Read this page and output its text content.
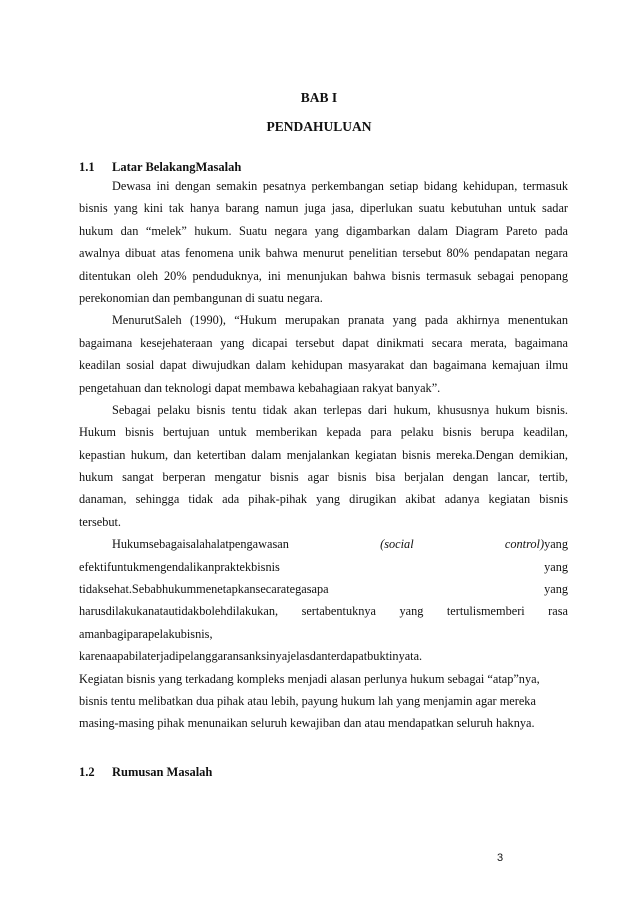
BAB I
PENDAHULUAN
1.1 Latar BelakangMasalah
Dewasa ini dengan semakin pesatnya perkembangan setiap bidang kehidupan, termasuk
bisnis yang kini tak hanya barang namun juga jasa, diperlukan suatu kebutuhan untuk sadar
hukum dan “melek” hukum. Suatu negara yang digambarkan dalam Diagram Pareto pada
awalnya dibuat atas fenomena unik bahwa menurut penelitian tersebut 80% pendapatan negara
ditentukan oleh 20% penduduknya, ini menunjukan bahwa bisnis termasuk sebagai penopang
perekonomian dan pembangunan di suatu negara.
MenurutSaleh (1990), “Hukum merupakan pranata yang pada akhirnya menentukan
bagaimana kesejehateraan yang dicapai tersebut dapat dinikmati secara merata, bagaimana
keadilan sosial dapat diwujudkan dalam kehidupan masyarakat dan bagaimana kemajuan ilmu
pengetahuan dan teknologi dapat membawa kebahagiaan rakyat banyak”.
Sebagai pelaku bisnis tentu tidak akan terlepas dari hukum, khususnya hukum bisnis.
Hukum bisnis bertujuan untuk memberikan kepada para pelaku bisnis berupa keadilan,
kepastian hukum, dan ketertiban dalam menjalankan kegiatan bisnis mereka.Dengan demikian,
hukum sangat berperan mengatur bisnis agar bisnis bisa berjalan dengan lancar, tertib,
danaman, sehingga tidak ada pihak-pihak yang dirugikan akibat adanya kegiatan bisnis
tersebut.
Hukumsebagaisalahalatpengawasan	(social	control)yang
efektifuntukmengendalikanpraktekbisnis	yang
tidaksehat.Sebabhukummenetapkansecarategasapa	yang
harusdilakukanatautidakbolehdilakukan, sertabentuknya yang tertulismemberi rasa
amanbagiparapelakubisnis,
karenaapabilaterjadipelanggaransanksinyajelasdanterdapatbuktinyata.
Kegiatan bisnis yang terkadang kompleks menjadi alasan perlunya hukum sebagai “atap”nya,
bisnis tentu melibatkan dua pihak atau lebih, payung hukum lah yang menjamin agar mereka
masing-masing pihak menunaikan seluruh kewajiban dan atau mendapatkan seluruh haknya.
1.2 Rumusan Masalah
3
